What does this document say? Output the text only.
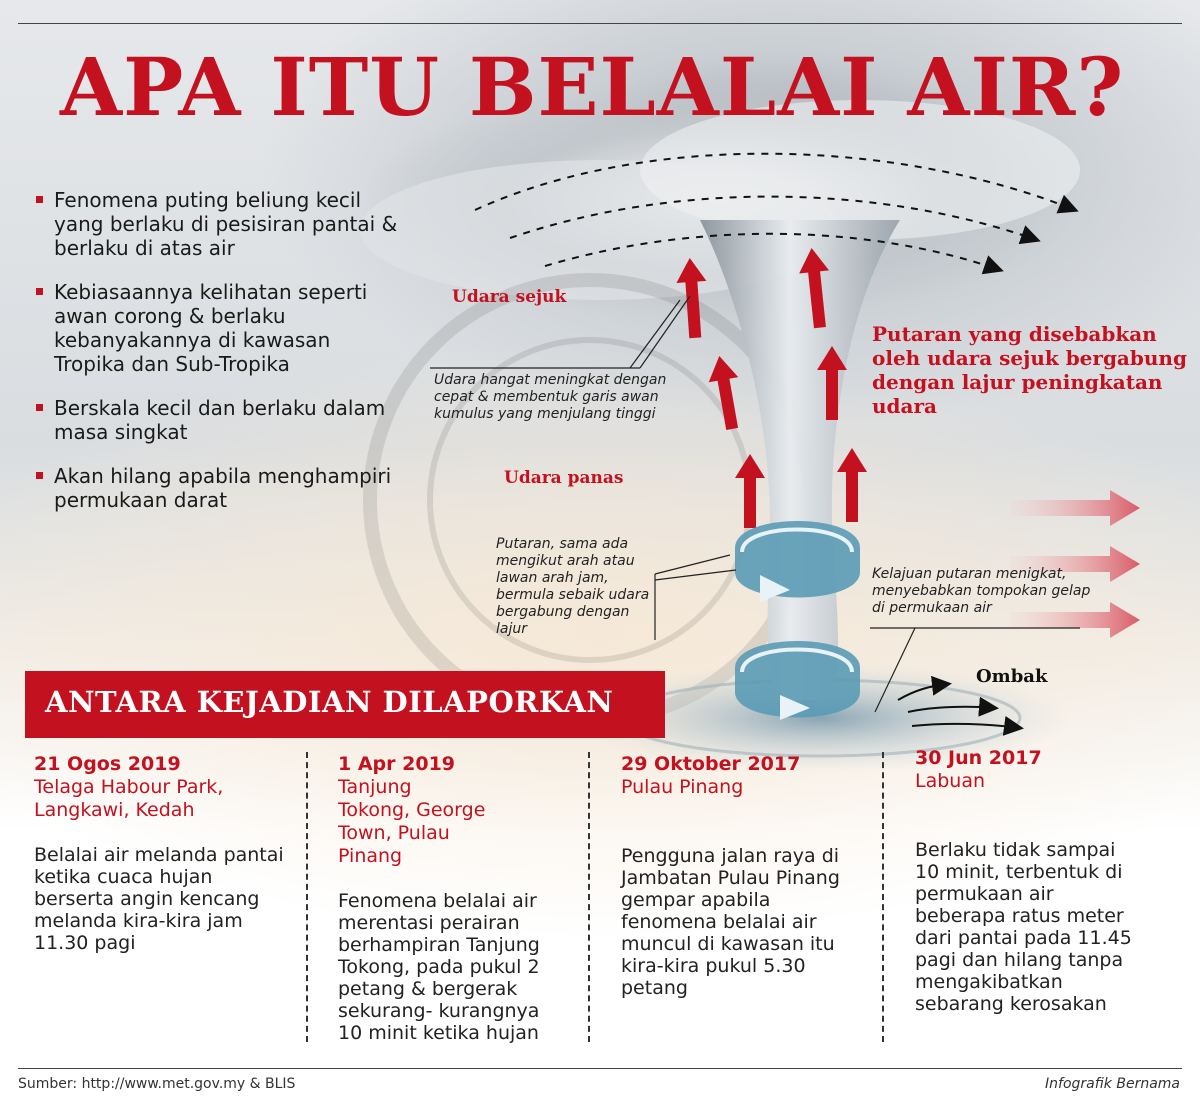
APA ITU BELALAI AIR?
Fenomena puting beliung kecil yang berlaku di pesisiran pantai & berlaku di atas air
Kebiasaannya kelihatan seperti awan corong & berlaku kebanyakannya di kawasan Tropika dan Sub-Tropika
Berskala kecil dan berlaku dalam masa singkat
Akan hilang apabila menghampiri permukaan darat
Udara sejuk
Udara panas
Udara hangat meningkat dengan cepat & membentuk garis awan kumulus yang menjulang tinggi
Putaran, sama ada mengikut arah atau lawan arah jam, bermula sebaik udara bergabung dengan lajur
Kelajuan putaran menigkat, menyebabkan tompokan gelap di permukaan air
Putaran yang disebabkan oleh udara sejuk bergabung dengan lajur peningkatan udara
Ombak
ANTARA KEJADIAN DILAPORKAN
21 Ogos 2019
Telaga Habour Park, Langkawi, Kedah
Belalai air melanda pantai ketika cuaca hujan berserta angin kencang melanda kira-kira jam 11.30 pagi
1 Apr 2019
Tanjung Tokong, George Town, Pulau Pinang
Fenomena belalai air merentasi perairan berhampiran Tanjung Tokong, pada pukul 2 petang & bergerak sekurang- kurangnya 10 minit ketika hujan
29 Oktober 2017
Pulau Pinang
Pengguna jalan raya di Jambatan Pulau Pinang gempar apabila fenomena belalai air muncul di kawasan itu kira-kira pukul 5.30 petang
30 Jun 2017
Labuan
Berlaku tidak sampai 10 minit, terbentuk di permukaan air beberapa ratus meter dari pantai pada 11.45 pagi dan hilang tanpa mengakibatkan sebarang kerosakan
Sumber: http://www.met.gov.my & BLIS	Infografik Bernama
